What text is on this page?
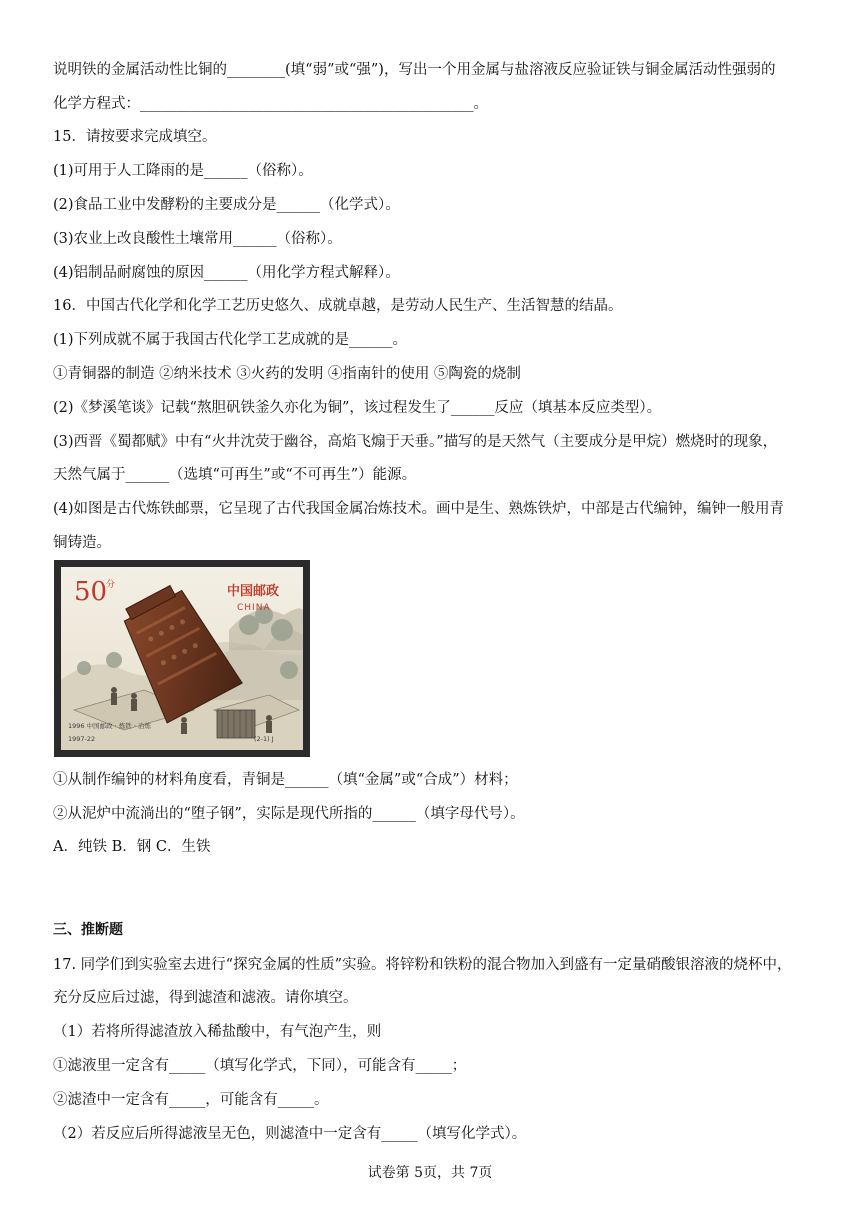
说明铁的金属活动性比铜的________(填“弱”或“强”)，写出一个用金属与盐溶液反应验证铁与铜金属活动性强弱的
化学方程式：______________________________________________。
15．请按要求完成填空。
(1)可用于人工降雨的是______（俗称）。
(2)食品工业中发酵粉的主要成分是______（化学式）。
(3)农业上改良酸性土壤常用______（俗称）。
(4)铝制品耐腐蚀的原因______（用化学方程式解释）。
16．中国古代化学和化学工艺历史悠久、成就卓越，是劳动人民生产、生活智慧的结晶。
(1)下列成就不属于我国古代化学工艺成就的是______。
①青铜器的制造 ②纳米技术 ③火药的发明 ④指南针的使用 ⑤陶瓷的烧制
(2)《梦溪笔谈》记载“熬胆矾铁釜久亦化为铜”，该过程发生了______反应（填基本反应类型）。
(3)西晋《蜀都赋》中有“火井沈荧于幽谷，高焰飞煽于天垂。”描写的是天然气（主要成分是甲烷）燃烧时的现象，
天然气属于______（选填“可再生”或“不可再生”）能源。
(4)如图是古代炼铁邮票，它呈现了古代我国金属冶炼技术。画中是生、熟炼铁炉，中部是古代编钟，编钟一般用青
铜铸造。
50
分	中国邮政
CHINA
1996 中国邮政 · 炼铁 · 冶炼
1997-22	(2-1) J
①从制作编钟的材料角度看，青铜是______（填“金属”或“合成”）材料；
②从泥炉中流淌出的“堕子钢”，实际是现代所指的______（填字母代号）。
A．纯铁 B．钢 C．生铁
三、推断题
17. 同学们到实验室去进行“探究金属的性质”实验。将锌粉和铁粉的混合物加入到盛有一定量硝酸银溶液的烧杯中，
充分反应后过滤，得到滤渣和滤液。请你填空。
（1）若将所得滤渣放入稀盐酸中，有气泡产生，则
①滤液里一定含有_____（填写化学式，下同），可能含有_____；
②滤渣中一定含有_____，可能含有_____。
（2）若反应后所得滤液呈无色，则滤渣中一定含有_____（填写化学式）。
试卷第 5页，共 7页
